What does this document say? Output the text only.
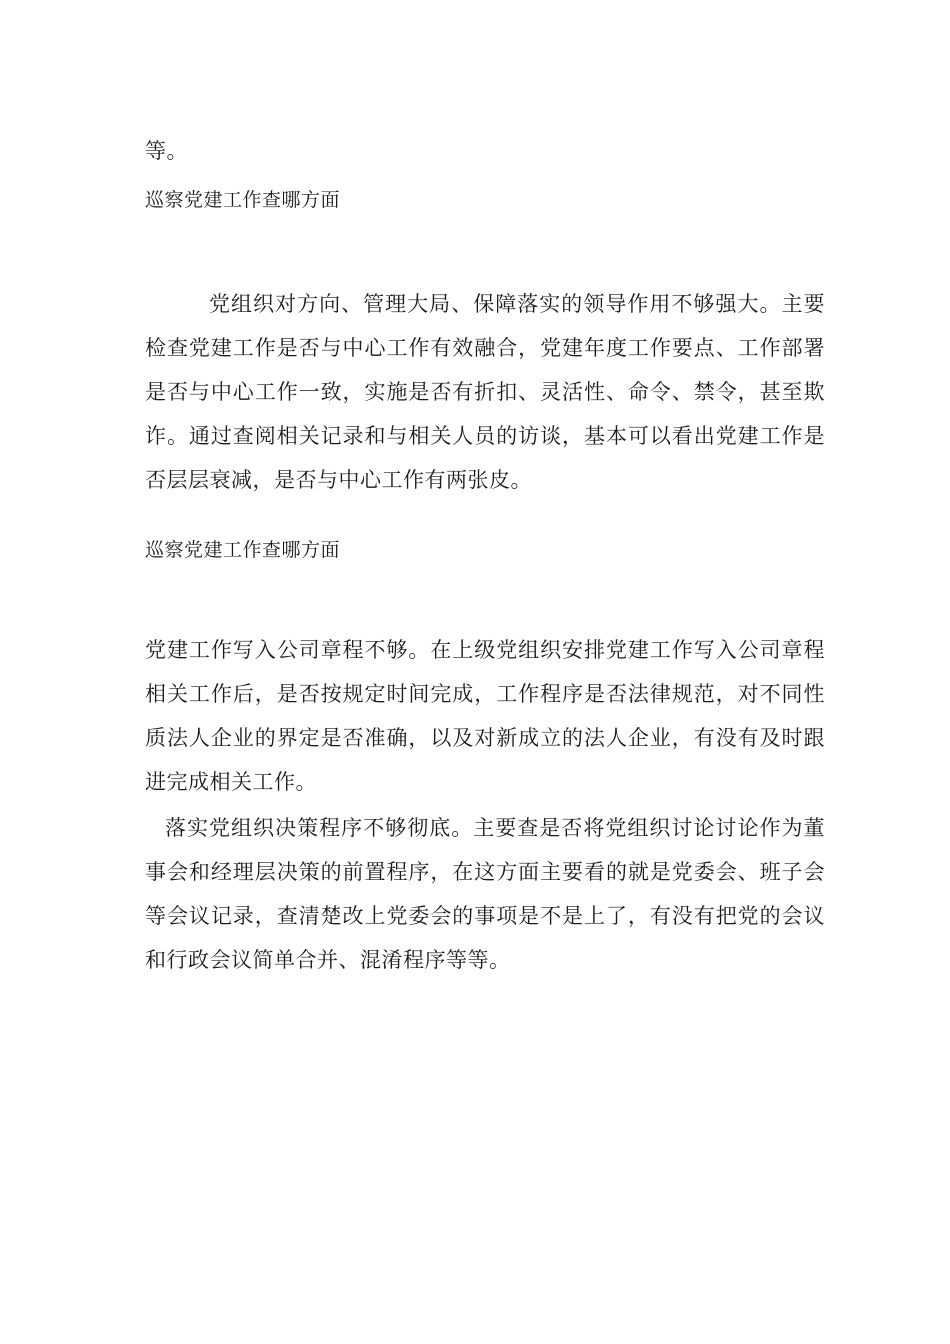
等。
巡察党建工作查哪方面
党组织对方向、管理大局、保障落实的领导作用不够强大。主要检查党建工作是否与中心工作有效融合，党建年度工作要点、工作部署是否与中心工作一致，实施是否有折扣、灵活性、命令、禁令，甚至欺诈。通过查阅相关记录和与相关人员的访谈，基本可以看出党建工作是否层层衰减，是否与中心工作有两张皮。
巡察党建工作查哪方面
党建工作写入公司章程不够。在上级党组织安排党建工作写入公司章程相关工作后，是否按规定时间完成，工作程序是否法律规范，对不同性质法人企业的界定是否准确，以及对新成立的法人企业，有没有及时跟进完成相关工作。
落实党组织决策程序不够彻底。主要查是否将党组织讨论讨论作为董事会和经理层决策的前置程序，在这方面主要看的就是党委会、班子会等会议记录，查清楚改上党委会的事项是不是上了，有没有把党的会议和行政会议简单合并、混淆程序等等。
